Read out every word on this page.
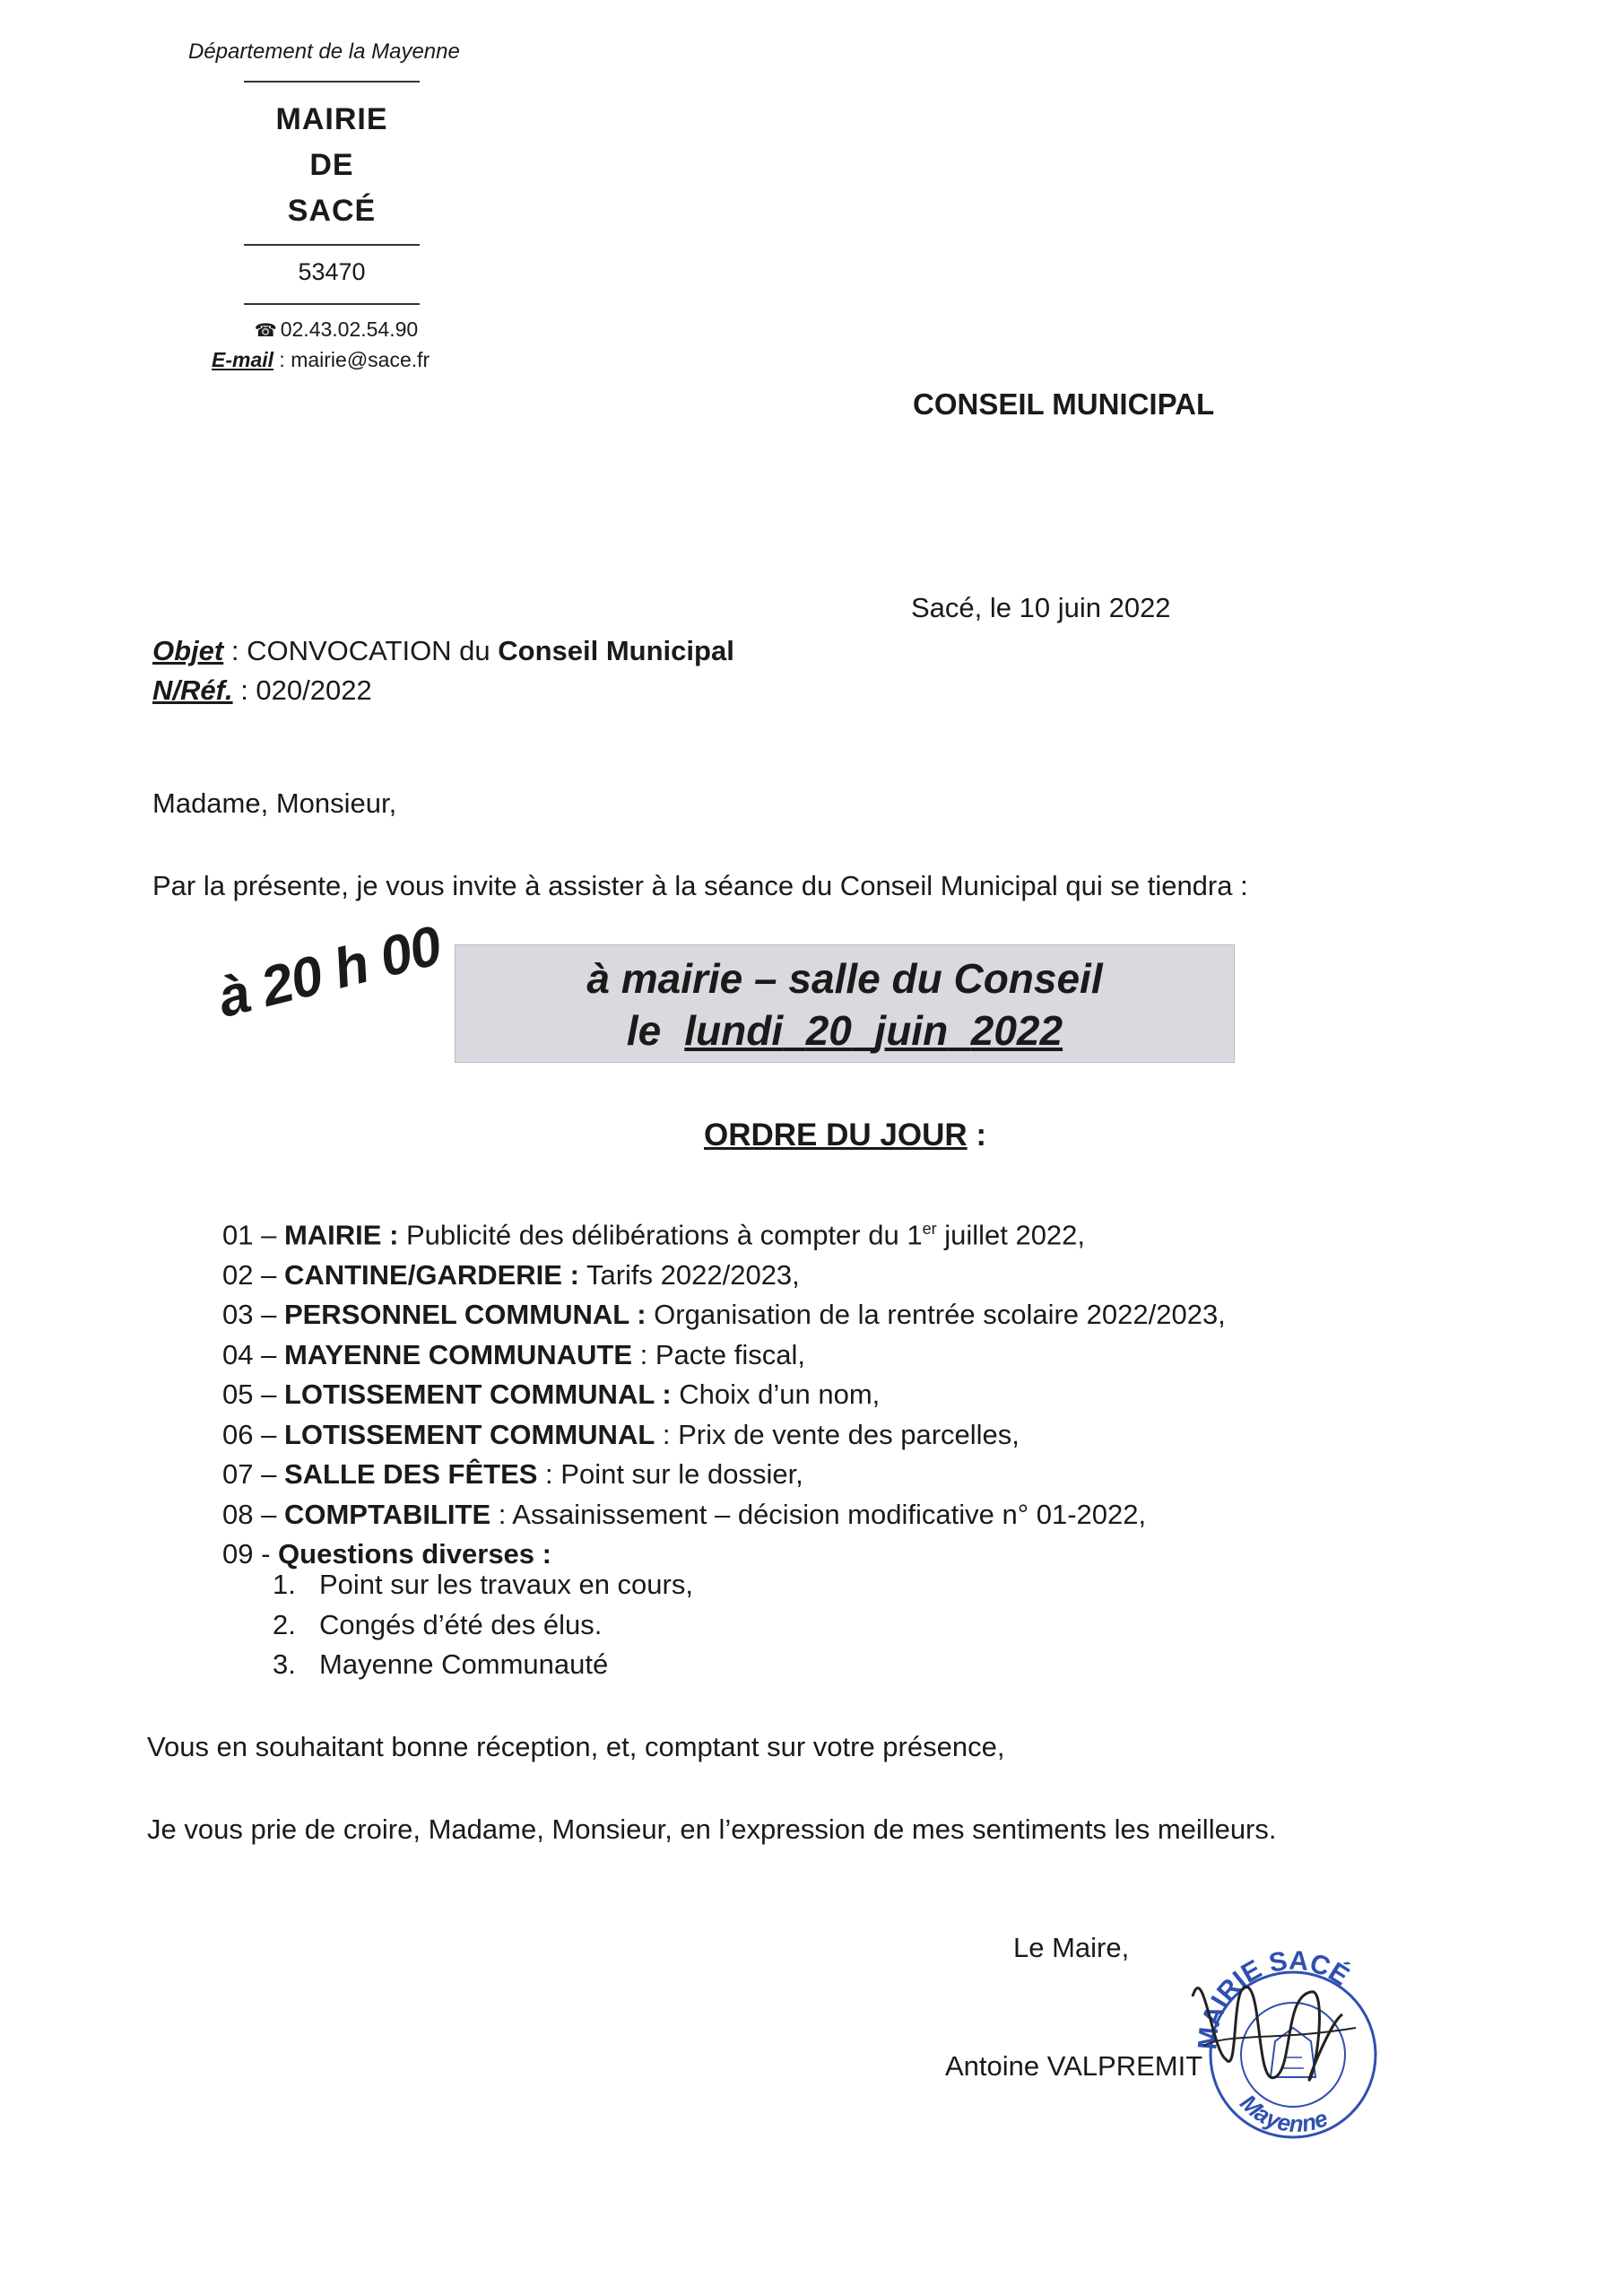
Département de la Mayenne
MAIRIE
DE
SACÉ
53470
☎ 02.43.02.54.90
E-mail : mairie@sace.fr
CONSEIL MUNICIPAL
Sacé, le 10 juin 2022
Objet : CONVOCATION du Conseil Municipal
N/Réf. : 020/2022
Madame, Monsieur,
Par la présente, je vous invite à assister à la séance du Conseil Municipal qui se tiendra :
à 20 h 00	à mairie – salle du Conseil
le lundi 20 juin 2022
ORDRE DU JOUR :
01 – MAIRIE : Publicité des délibérations à compter du 1er juillet 2022,
02 – CANTINE/GARDERIE : Tarifs 2022/2023,
03 – PERSONNEL COMMUNAL : Organisation de la rentrée scolaire 2022/2023,
04 – MAYENNE COMMUNAUTE : Pacte fiscal,
05 – LOTISSEMENT COMMUNAL : Choix d’un nom,
06 – LOTISSEMENT COMMUNAL : Prix de vente des parcelles,
07 – SALLE DES FÊTES : Point sur le dossier,
08 – COMPTABILITE : Assainissement – décision modificative n° 01-2022,
09 - Questions diverses :
1. Point sur les travaux en cours,
2. Congés d’été des élus.
3. Mayenne Communauté
Vous en souhaitant bonne réception, et, comptant sur votre présence,
Je vous prie de croire, Madame, Monsieur, en l’expression de mes sentiments les meilleurs.
Le Maire,
Antoine VALPREMIT
MAIRIE SACÉ
Mayenne
